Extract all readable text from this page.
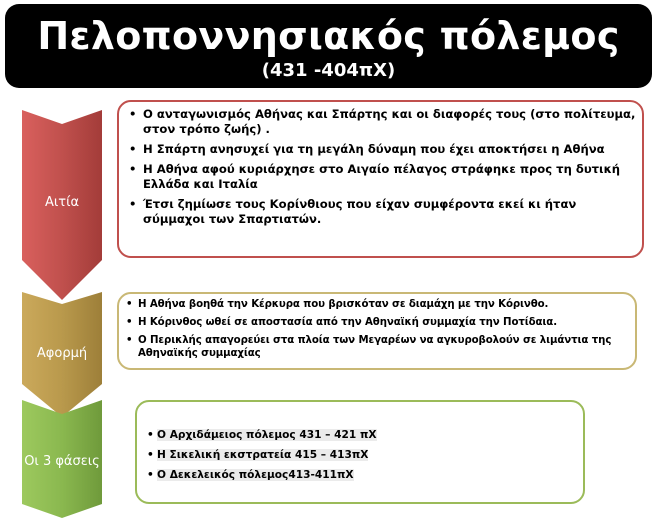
Πελοποννησιακός πόλεμος
(431 -404πΧ)
Αιτία
• Ο ανταγωνισμός Αθήνας και Σπάρτης και οι διαφορές τους (στο πολίτευμα, στον τρόπο ζωής) .
• Η Σπάρτη ανησυχεί για τη μεγάλη δύναμη που έχει αποκτήσει η Αθήνα
• Η Αθήνα αφού κυριάρχησε στο Αιγαίο πέλαγος στράφηκε προς τη δυτική Ελλάδα και Ιταλία
• Έτσι ζημίωσε τους Κορίνθιους που είχαν συμφέροντα εκεί κι ήταν σύμμαχοι των Σπαρτιατών.
Αφορμή
• Η Αθήνα βοηθά την Κέρκυρα που βρισκόταν σε διαμάχη με την Κόρινθο.
• Η Κόρινθος ωθεί σε αποστασία από την Αθηναϊκή συμμαχία την Ποτίδαια.
• Ο Περικλής απαγορεύει στα πλοία των Μεγαρέων να αγκυροβολούν σε λιμάντια της Αθηναϊκής συμμαχίας
Οι 3 φάσεις
• Ο Αρχιδάμειος πόλεμος 431 – 421 πΧ
• Η Σικελική εκστρατεία 415 – 413πΧ
• Ο Δεκελεικός πόλεμος413-411πΧ
